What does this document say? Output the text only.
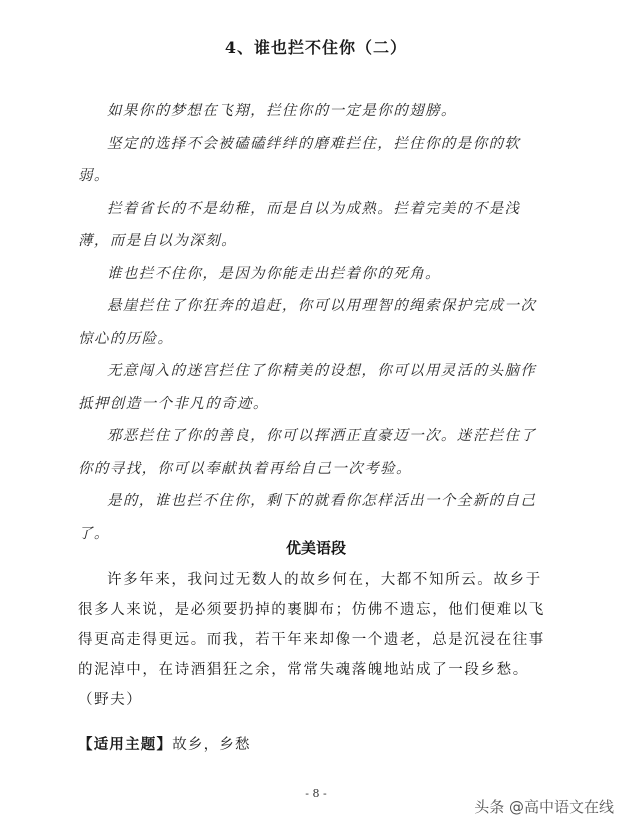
4、谁也拦不住你（二）

如果你的梦想在飞翔，拦住你的一定是你的翅膀。

坚定的选择不会被磕磕绊绊的磨难拦住，拦住你的是你的软弱。

拦着省长的不是幼稚，而是自以为成熟。拦着完美的不是浅薄，而是自以为深刻。

谁也拦不住你，是因为你能走出拦着你的死角。

悬崖拦住了你狂奔的追赶，你可以用理智的绳索保护完成一次惊心的历险。

无意闯入的迷宫拦住了你精美的设想，你可以用灵活的头脑作抵押创造一个非凡的奇迹。

邪恶拦住了你的善良，你可以挥洒正直豪迈一次。迷茫拦住了你的寻找，你可以奉献执着再给自己一次考验。

是的，谁也拦不住你，剩下的就看你怎样活出一个全新的自己了。

优美语段

许多年来，我问过无数人的故乡何在，大都不知所云。故乡于很多人来说，是必须要扔掉的裹脚布；仿佛不遗忘，他们便难以飞得更高走得更远。而我，若干年来却像一个遗老，总是沉浸在往事的泥淖中，在诗酒猖狂之余，常常失魂落魄地站成了一段乡愁。（野夫）

【适用主题】故乡，乡愁
- 8 -
头条 @高中语文在线
